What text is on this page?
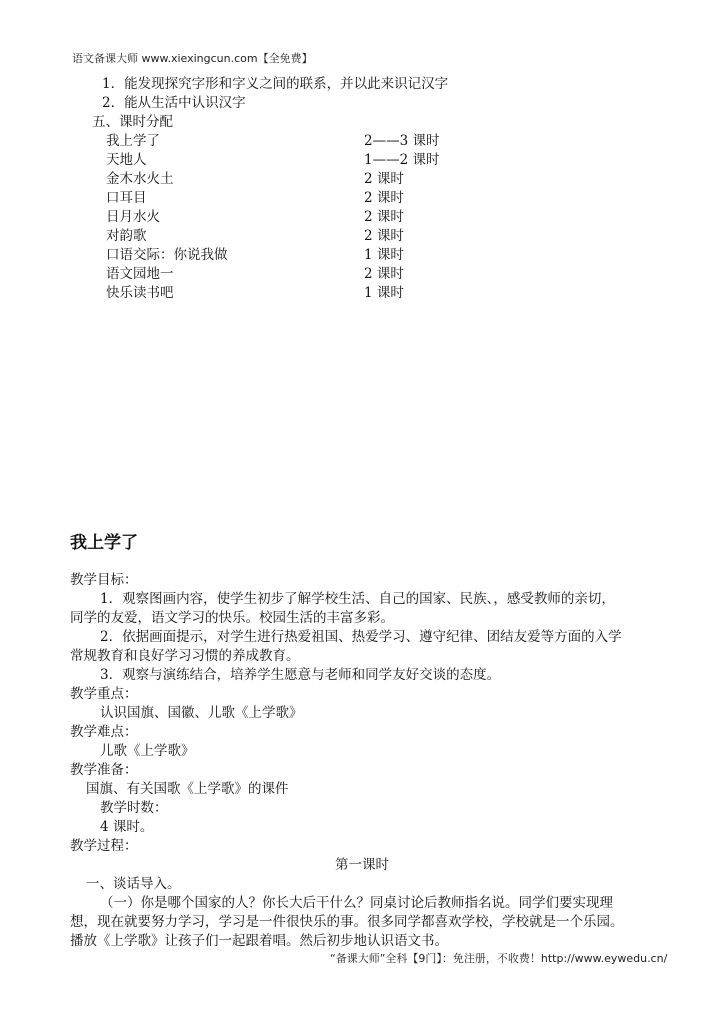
语文备课大师 www.xiexingcun.com【全免费】
1．能发现探究字形和字义之间的联系，并以此来识记汉字
2．能从生活中认识汉字
五、课时分配
我上学了	2——3 课时
天地人	1——2 课时
金木水火土	2 课时
口耳目	2 课时
日月水火	2 课时
对韵歌	2 课时
口语交际：你说我做	1 课时
语文园地一	2 课时
快乐读书吧	1 课时
我上学了
教学目标：
1．观察图画内容，使学生初步了解学校生活、自己的国家、民族、，感受教师的亲切，
同学的友爱，语文学习的快乐。校园生活的丰富多彩。
2．依据画面提示，对学生进行热爱祖国、热爱学习、遵守纪律、团结友爱等方面的入学
常规教育和良好学习习惯的养成教育。
3．观察与演练结合，培养学生愿意与老师和同学友好交谈的态度。
教学重点：
认识国旗、国徽、儿歌《上学歌》
教学难点：
儿歌《上学歌》
教学准备：
国旗、有关国歌《上学歌》的课件
教学时数：
4 课时。
教学过程：
第一课时
一、谈话导入。
（一）你是哪个国家的人？你长大后干什么？同桌讨论后教师指名说。同学们要实现理
想，现在就要努力学习，学习是一件很快乐的事。很多同学都喜欢学校，学校就是一个乐园。
播放《上学歌》让孩子们一起跟着唱。然后初步地认识语文书。
“备课大师”全科【9门】：免注册，不收费！http://www.eywedu.cn/
